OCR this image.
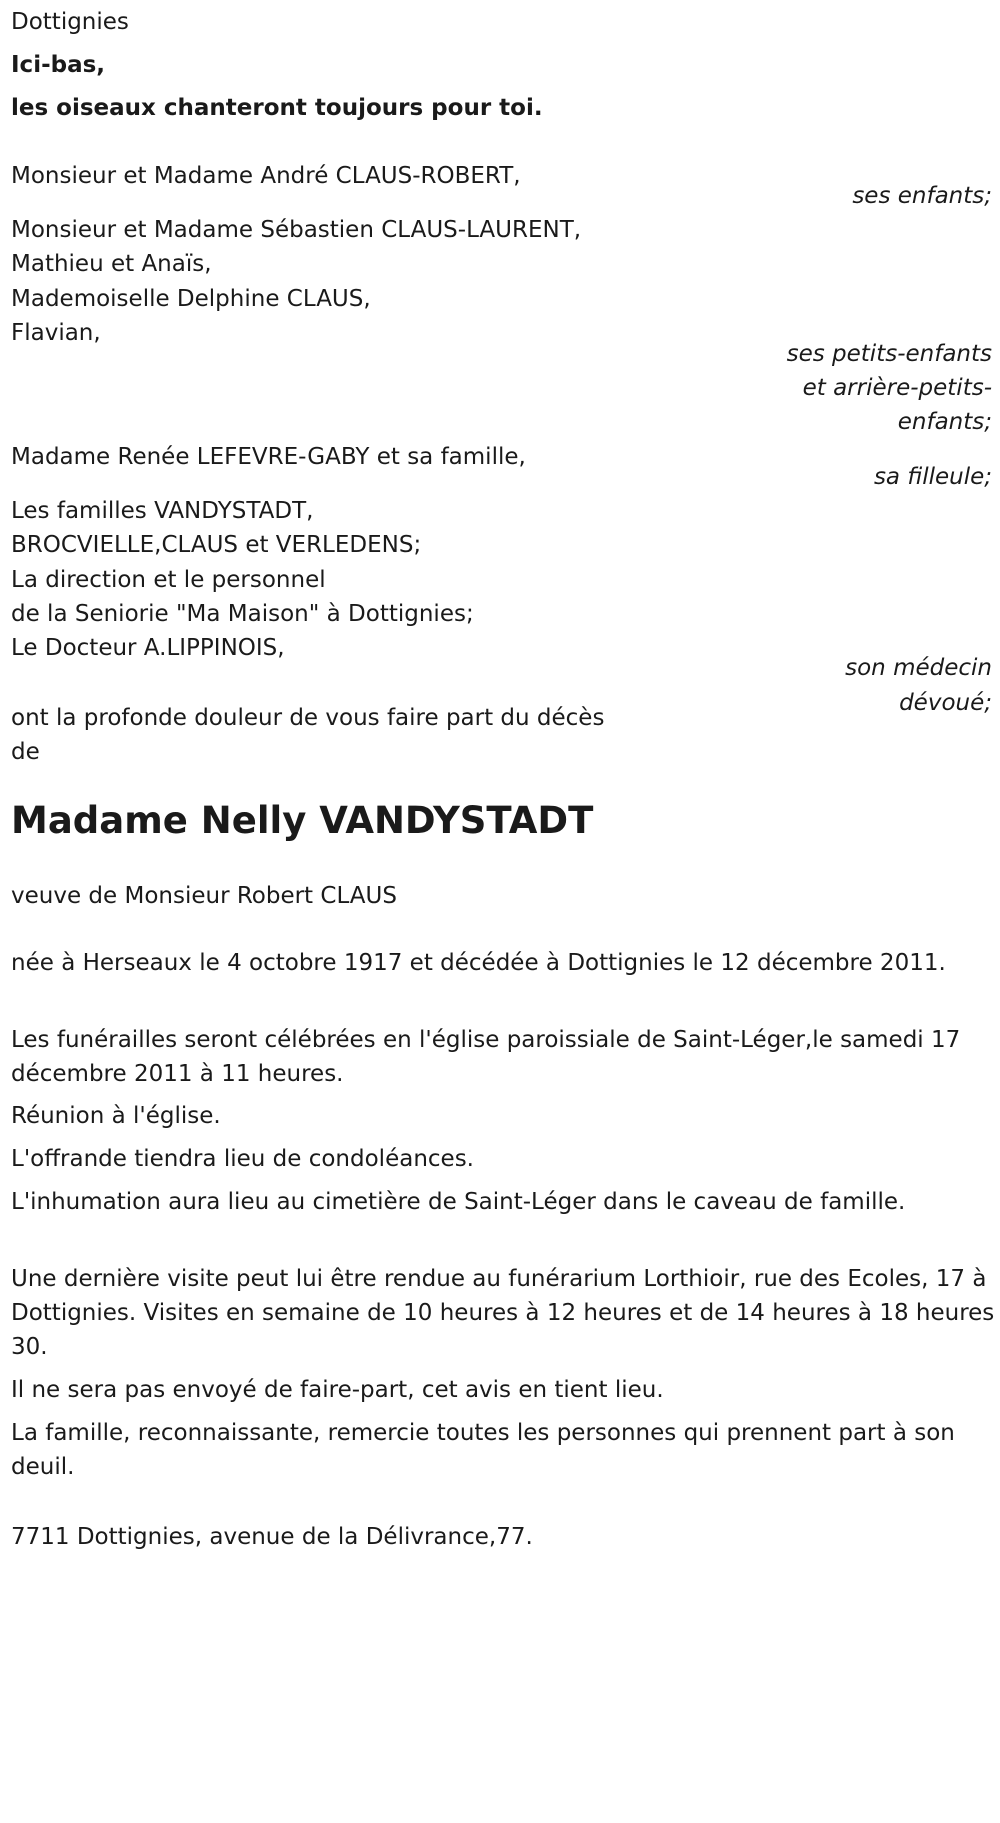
Dottignies

Ici-bas,

les oiseaux chanteront toujours pour toi.

Monsieur et Madame André CLAUS-ROBERT,

ses enfants;

Monsieur et Madame Sébastien CLAUS-LAURENT,

Mathieu et Anaïs,

Mademoiselle Delphine CLAUS,

Flavian,

ses petits-enfants

et arrière-petits-

enfants;

Madame Renée LEFEVRE-GABY et sa famille,

sa filleule;

Les familles VANDYSTADT,

BROCVIELLE,CLAUS et VERLEDENS;

La direction et le personnel

de la Seniorie "Ma Maison" à Dottignies;

Le Docteur A.LIPPINOIS,

son médecin

dévoué;

ont la profonde douleur de vous faire part du décès

de

Madame Nelly VANDYSTADT

veuve de Monsieur Robert CLAUS

née à Herseaux le 4 octobre 1917 et décédée à Dottignies le 12 décembre 2011.

Les funérailles seront célébrées en l'église paroissiale de Saint-Léger,le samedi 17 décembre 2011 à 11 heures.

Réunion à l'église.

L'offrande tiendra lieu de condoléances.

L'inhumation aura lieu au cimetière de Saint-Léger dans le caveau de famille.

Une dernière visite peut lui être rendue au funérarium Lorthioir, rue des Ecoles, 17 à Dottignies. Visites en semaine de 10 heures à 12 heures et de 14 heures à 18 heures 30.

Il ne sera pas envoyé de faire-part, cet avis en tient lieu.

La famille, reconnaissante, remercie toutes les personnes qui prennent part à son deuil.

7711 Dottignies, avenue de la Délivrance,77.
